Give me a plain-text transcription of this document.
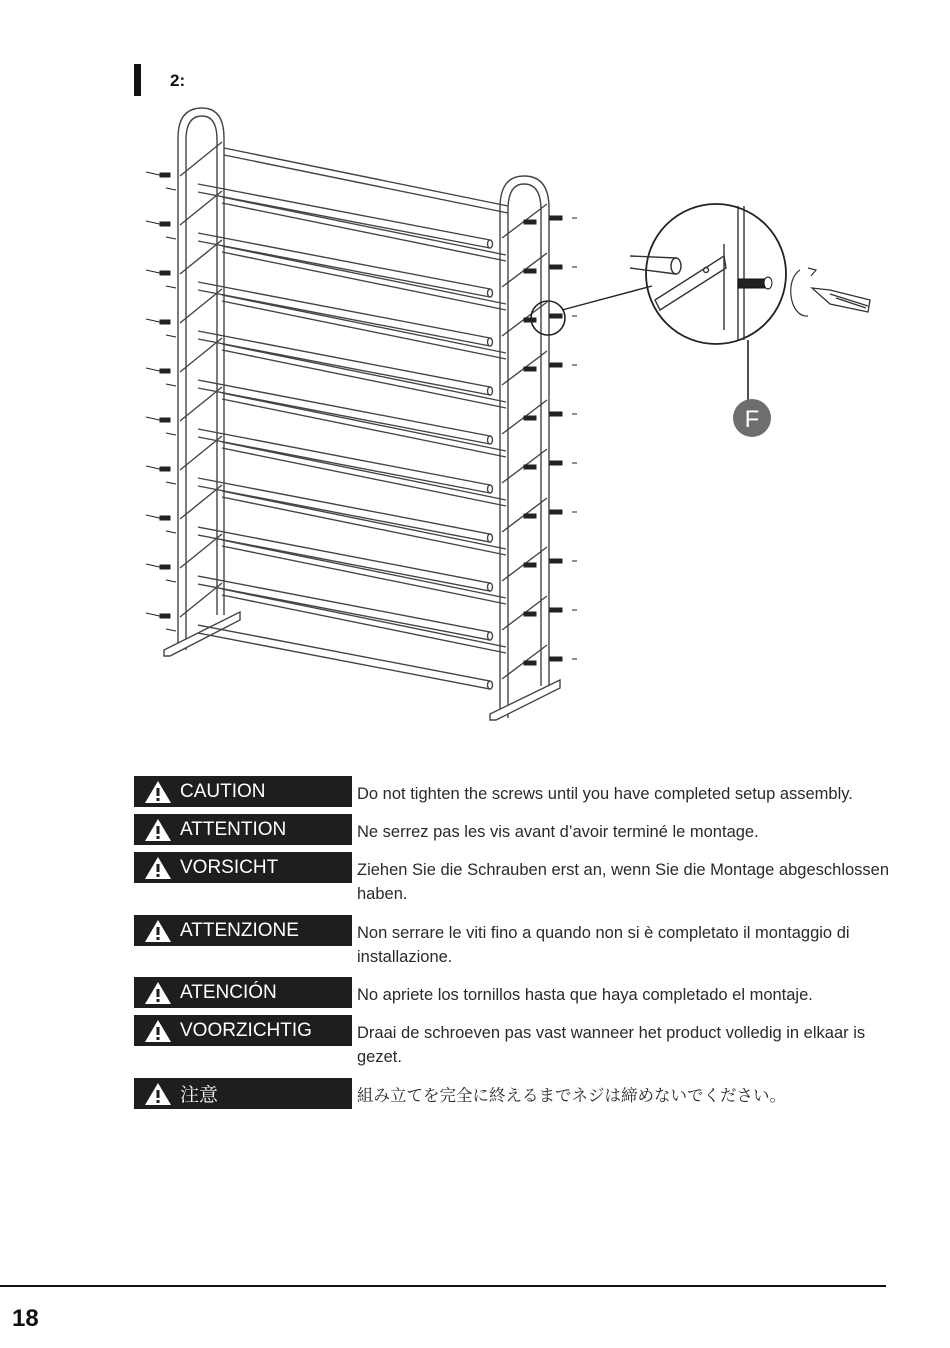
2:
F
CAUTION	Do not tighten the screws until you have completed setup assembly.
ATTENTION	Ne serrez pas les vis avant d’avoir terminé le montage.
VORSICHT	Ziehen Sie die Schrauben erst an, wenn Sie die Montage abgeschlossen haben.
ATTENZIONE	Non serrare le viti fino a quando non si è completato il montaggio di installazione.
ATENCIÓN	No apriete los tornillos hasta que haya completado el montaje.
VOORZICHTIG	Draai de schroeven pas vast wanneer het product volledig in elkaar is gezet.
注意	組み立てを完全に終えるまでネジは締めないでください。
18
